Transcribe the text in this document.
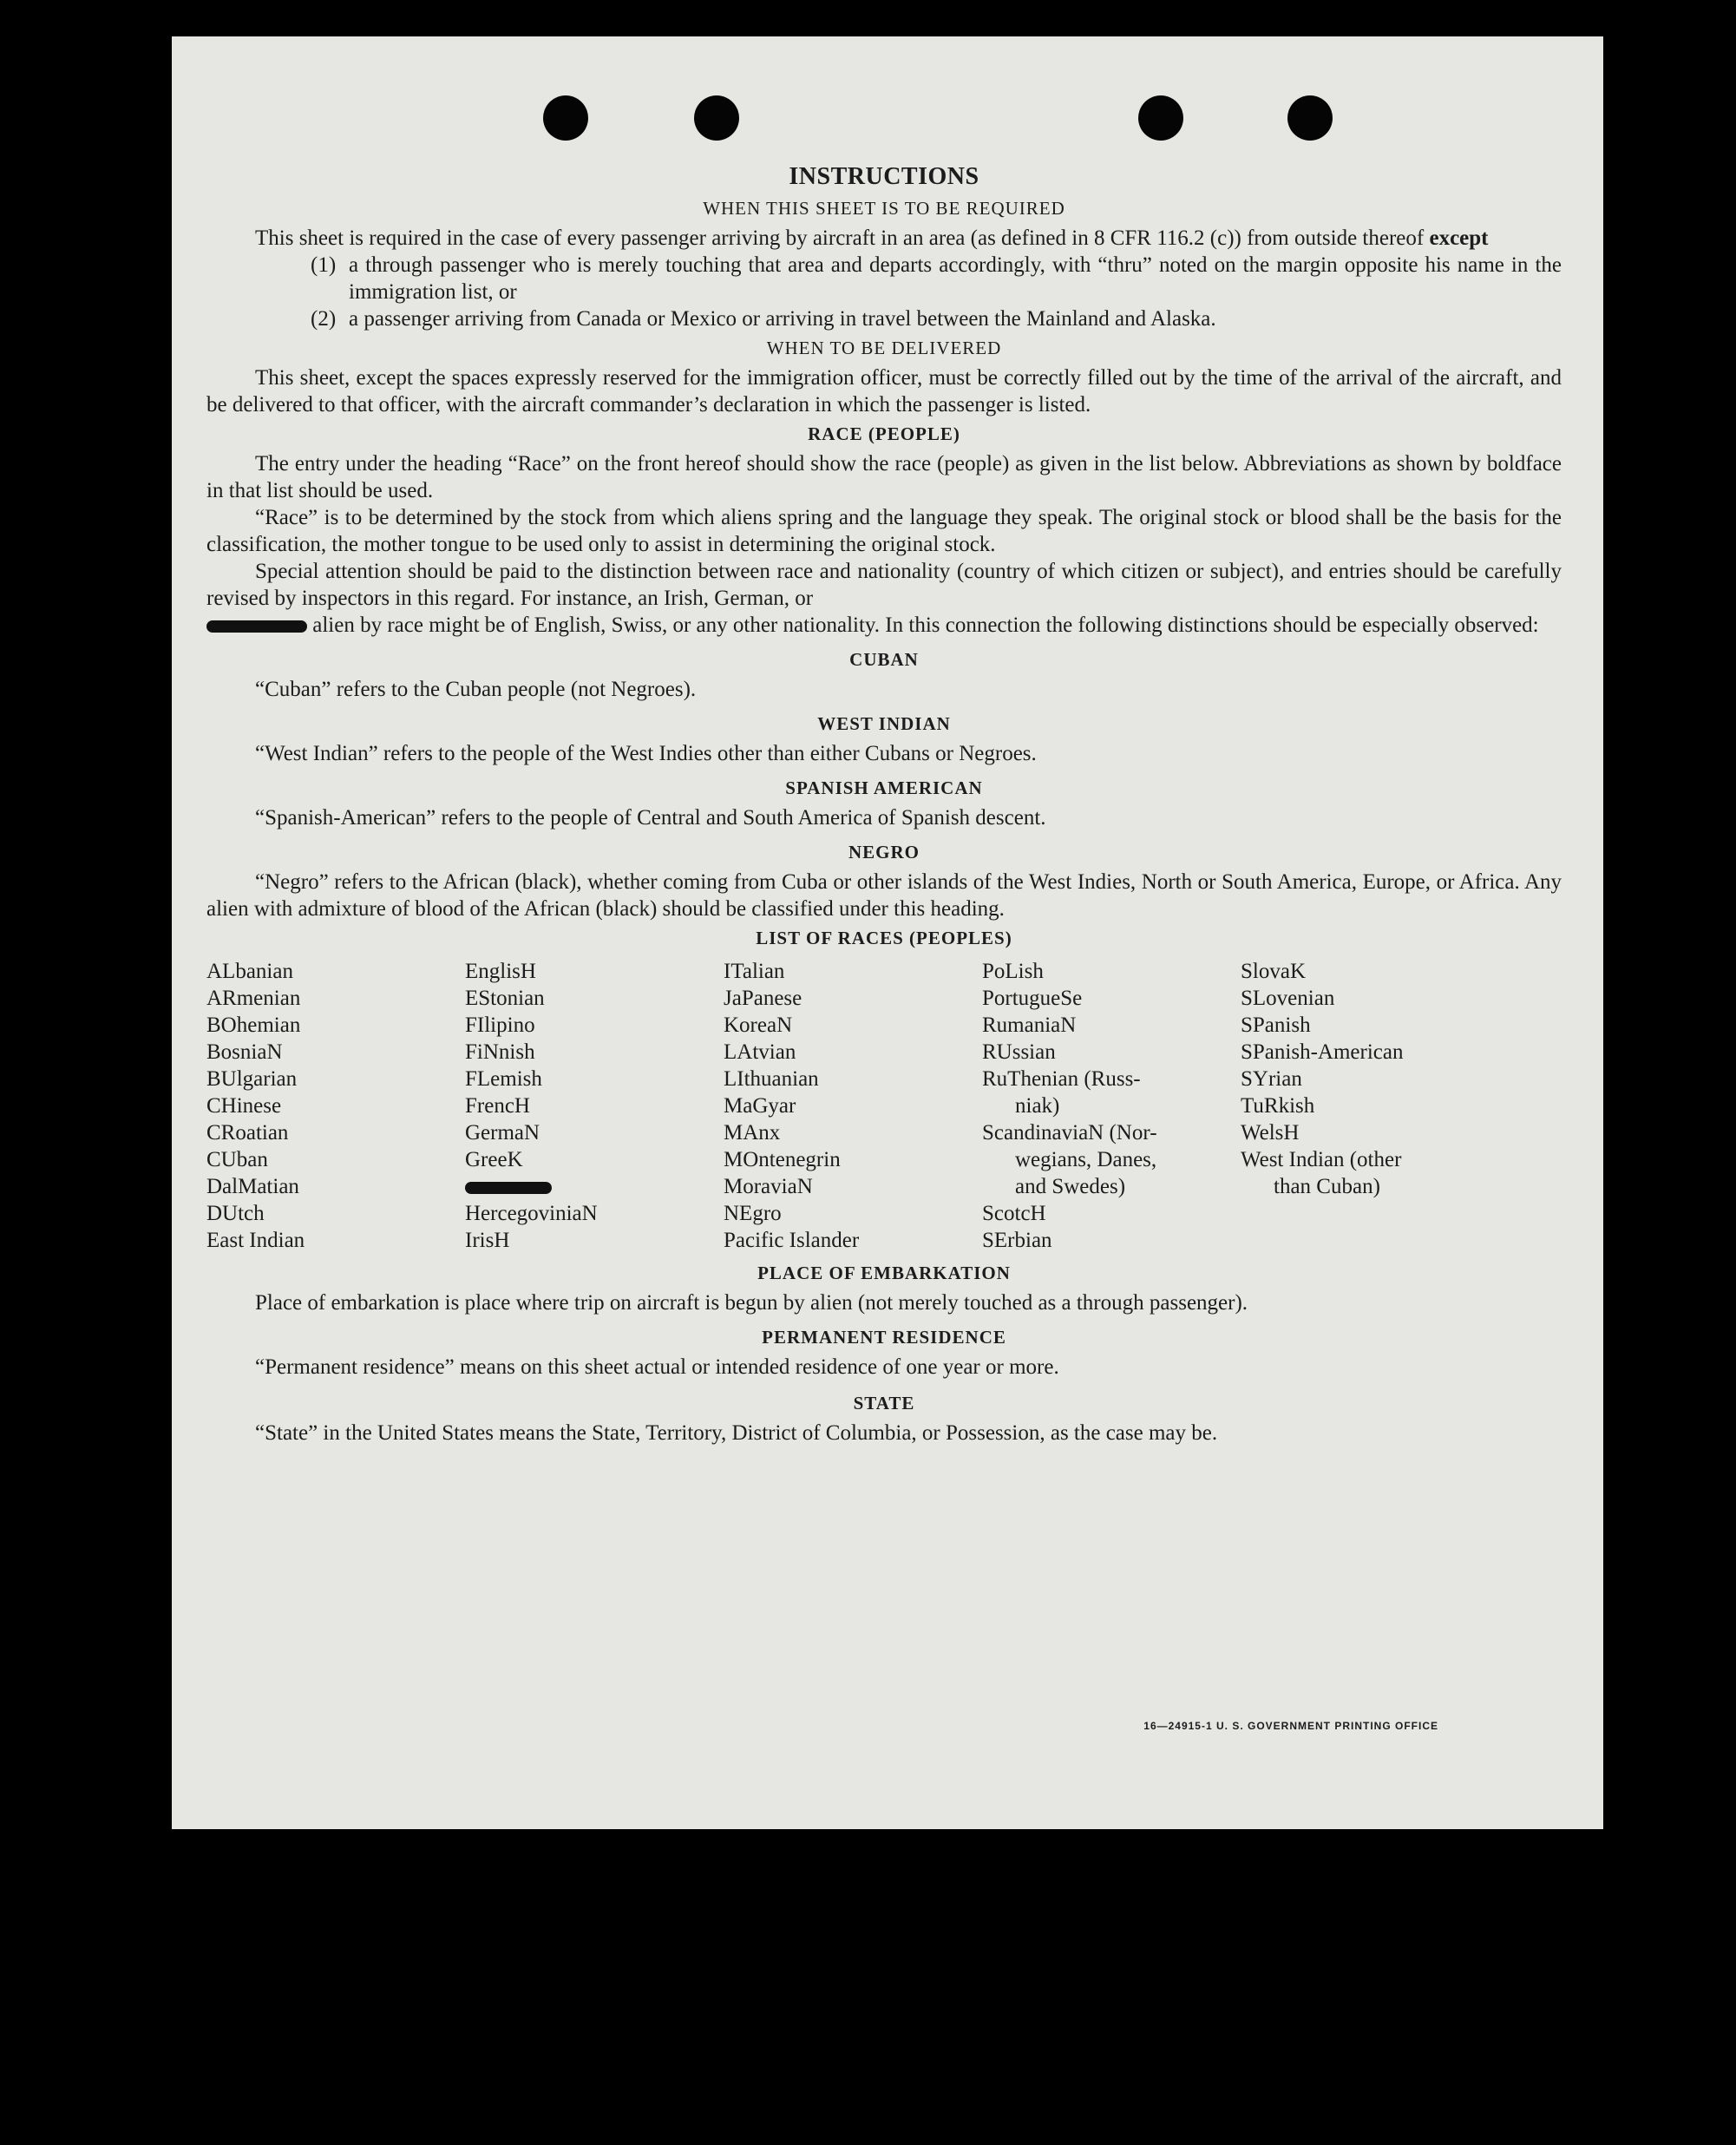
INSTRUCTIONS
WHEN THIS SHEET IS TO BE REQUIRED

This sheet is required in the case of every passenger arriving by aircraft in an area (as defined in 8 CFR 116.2 (c)) from outside thereof except

(1) a through passenger who is merely touching that area and departs accordingly, with “thru” noted on the margin opposite his name in the immigration list, or
(2) a passenger arriving from Canada or Mexico or arriving in travel between the Mainland and Alaska.
WHEN TO BE DELIVERED

This sheet, except the spaces expressly reserved for the immigration officer, must be correctly filled out by the time of the arrival of the aircraft, and be delivered to that officer, with the aircraft commander’s declaration in which the passenger is listed.

RACE (PEOPLE)

The entry under the heading “Race” on the front hereof should show the race (people) as given in the list below. Abbreviations as shown by boldface in that list should be used.

“Race” is to be determined by the stock from which aliens spring and the language they speak. The original stock or blood shall be the basis for the classification, the mother tongue to be used only to assist in determining the original stock.

Special attention should be paid to the distinction between race and nationality (country of which citizen or subject), and entries should be carefully revised by inspectors in this regard. For instance, an Irish, German, or
alien by race might be of English, Swiss, or any other nationality. In this connection the following distinctions should be especially observed:

CUBAN

“Cuban” refers to the Cuban people (not Negroes).

WEST INDIAN

“West Indian” refers to the people of the West Indies other than either Cubans or Negroes.

SPANISH AMERICAN

“Spanish-American” refers to the people of Central and South America of Spanish descent.

NEGRO

“Negro” refers to the African (black), whether coming from Cuba or other islands of the West Indies, North or South America, Europe, or Africa. Any alien with admixture of blood of the African (black) should be classified under this heading.

LIST OF RACES (PEOPLES)
ALbanian
ARmenian
BOhemian
BosniaN
BUlgarian
CHinese
CRoatian
CUban
DalMatian
DUtch
East Indian
EnglisH
EStonian
FIlipino
FiNnish
FLemish
FrencH
GermaN
GreeK
HercegoviniaN
IrisH
ITalian
JaPanese
KoreaN
LAtvian
LIthuanian
MaGyar
MAnx
MOntenegrin
MoraviaN
NEgro
Pacific Islander
PoLish
PortugueSe
RumaniaN
RUssian
RuThenian (Russ-
niak)
ScandinaviaN (Nor-
wegians, Danes,
and Swedes)
ScotcH
SErbian
SlovaK
SLovenian
SPanish
SPanish-American
SYrian
TuRkish
WelsH
West Indian (other
than Cuban)
PLACE OF EMBARKATION

Place of embarkation is place where trip on aircraft is begun by alien (not merely touched as a through passenger).

PERMANENT RESIDENCE

“Permanent residence” means on this sheet actual or intended residence of one year or more.

STATE

“State” in the United States means the State, Territory, District of Columbia, or Possession, as the case may be.

16—24915-1 U. S. GOVERNMENT PRINTING OFFICE
